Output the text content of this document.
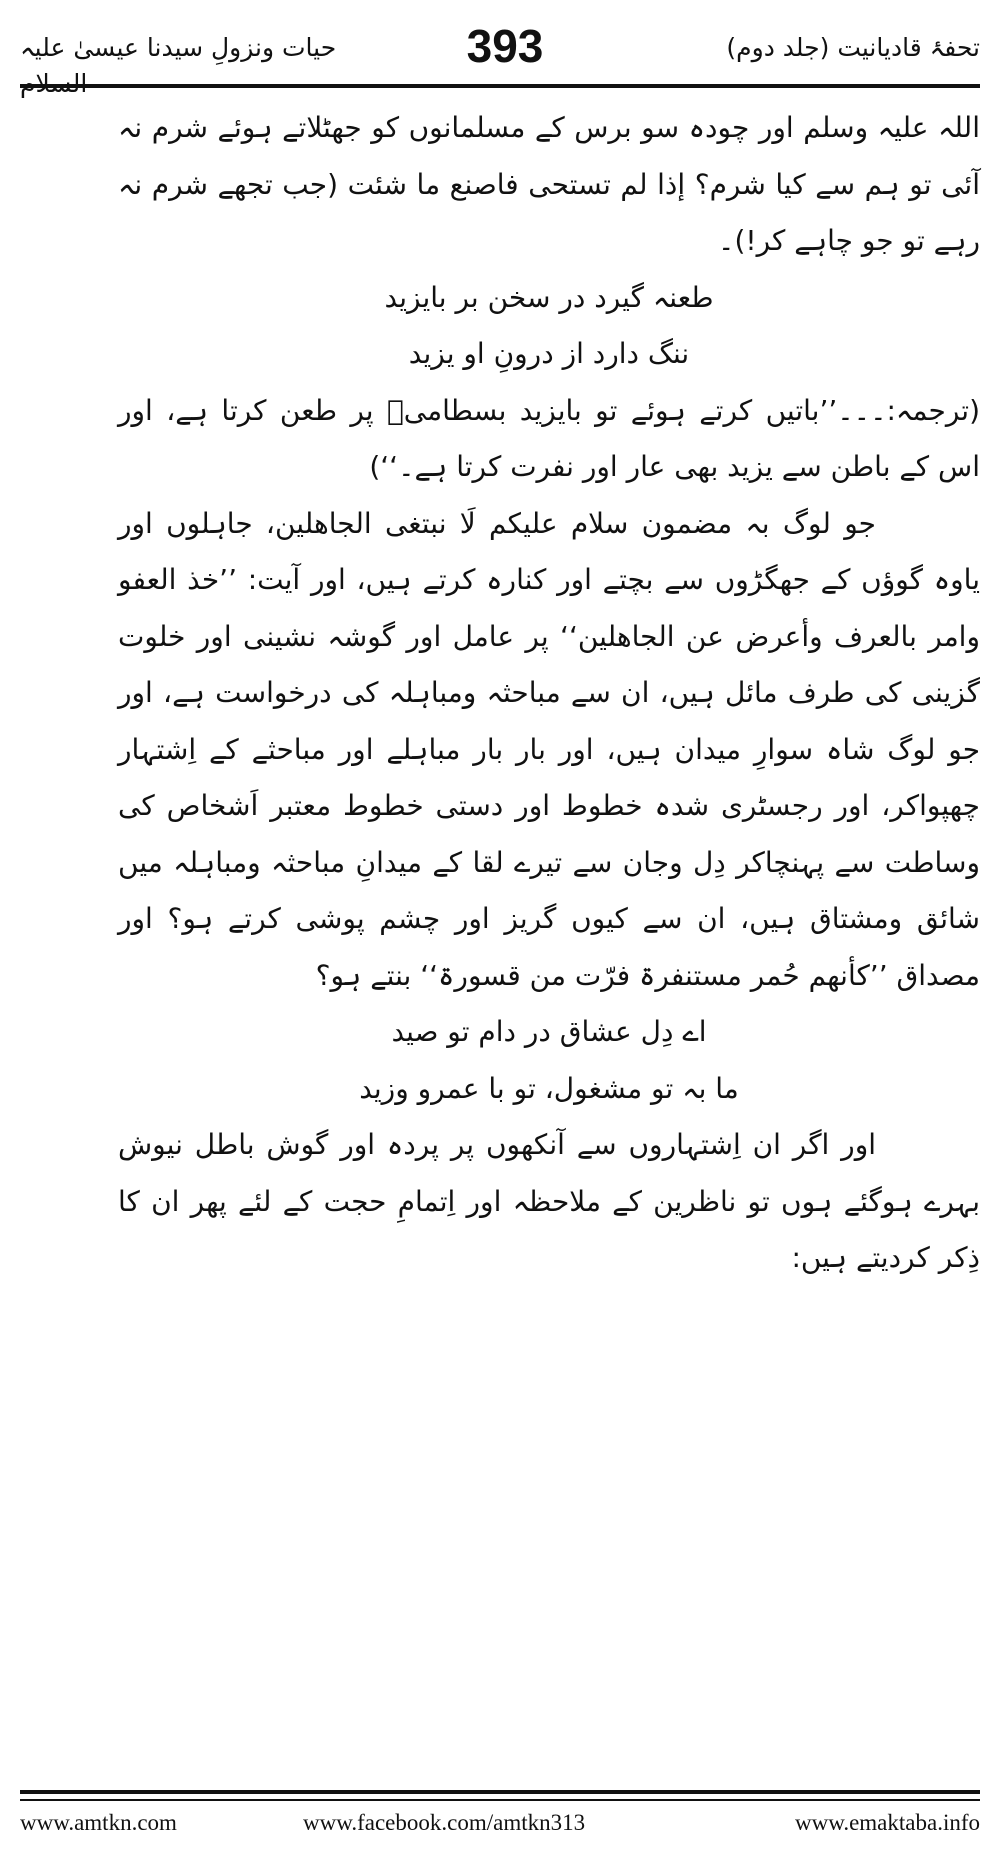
حیات ونزولِ سیدنا عیسیٰ علیہ السلام
393	تحفۂ قادیانیت (جلد دوم)

اللہ علیہ وسلم اور چودہ سو برس کے مسلمانوں کو جھٹلاتے ہوئے شرم نہ آئی تو ہم سے کیا شرم؟ إذا لم تستحی فاصنع ما شئت (جب تجھے شرم نہ رہے تو جو چاہے کر!)۔

طعنہ گیرد در سخن بر بایزید

ننگ دارد از درونِ او یزید

(ترجمہ:۔۔۔’’باتیں کرتے ہوئے تو بایزید بسطامیؒ پر طعن کرتا ہے، اور اس کے باطن سے یزید بھی عار اور نفرت کرتا ہے۔‘‘)

جو لوگ بہ مضمون سلام علیکم لَا نبتغی الجاھلین، جاہلوں اور یاوہ گوؤں کے جھگڑوں سے بچتے اور کنارہ کرتے ہیں، اور آیت: ’’خذ العفو وامر بالعرف وأعرض عن الجاھلین‘‘ پر عامل اور گوشہ نشینی اور خلوت گزینی کی طرف مائل ہیں، ان سے مباحثہ ومباہلہ کی درخواست ہے، اور جو لوگ شاہ سوارِ میدان ہیں، اور بار بار مباہلے اور مباحثے کے اِشتہار چھپواکر، اور رجسٹری شدہ خطوط اور دستی خطوط معتبر اَشخاص کی وساطت سے پہنچاکر دِل وجان سے تیرے لقا کے میدانِ مباحثہ ومباہلہ میں شائق ومشتاق ہیں، ان سے کیوں گریز اور چشم پوشی کرتے ہو؟ اور مصداق ’’کأنھم حُمر مستنفرۃ فرّت من قسورۃ‘‘ بنتے ہو؟

اے دِل عشاق در دام تو صید

ما بہ تو مشغول، تو با عمرو وزید

اور اگر ان اِشتہاروں سے آنکھوں پر پردہ اور گوش باطل نیوش بہرے ہوگئے ہوں تو ناظرین کے ملاحظہ اور اِتمامِ حجت کے لئے پھر ان کا ذِکر کردیتے ہیں:

www.amtkn.com	www.facebook.com/amtkn313	www.emaktaba.info
